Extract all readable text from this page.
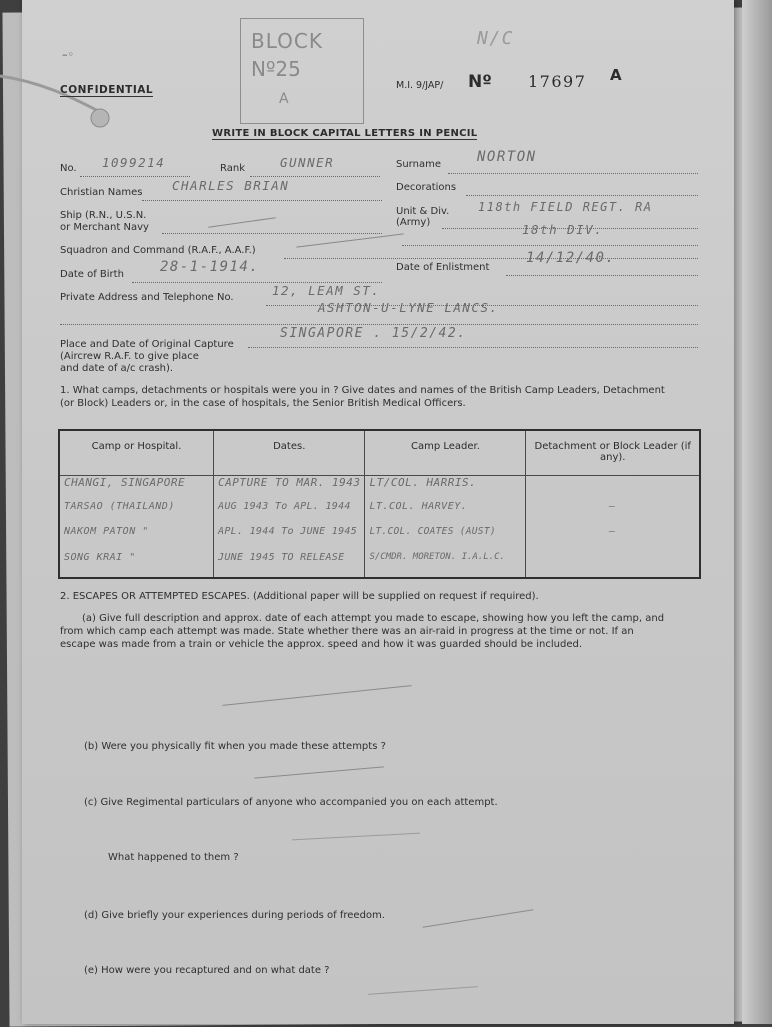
–◦
CONFIDENTIAL
BLOCK
Nº25
A
N/C
M.I. 9/JAP/ Nº 17697 A
WRITE IN BLOCK CAPITAL LETTERS IN PENCIL
No. 1099214	Rank	GUNNER	Surname	NORTON
Christian Names CHARLES BRIAN	Decorations
Ship (R.N., U.S.N.
or Merchant Navy
Unit & Div.
(Army)
118th FIELD REGT. RA
18th DIV.
Squadron and Command (R.A.F., A.A.F.)
Date of Birth	28-1-1914.	Date of Enlistment
14/12/40.
Private Address and Telephone No.	12, LEAM ST.
ASHTON-U-LYNE LANCS.
Place and Date of Original Capture
(Aircrew R.A.F. to give place
and date of a/c crash).
SINGAPORE . 15/2/42.
1. What camps, detachments or hospitals were you in ? Give dates and names of the British Camp Leaders, Detachment
(or Block) Leaders or, in the case of hospitals, the Senior British Medical Officers.
Camp or Hospital.	Dates.	Camp Leader.	Detachment or Block Leader (if any).
CHANGI, SINGAPORE	CAPTURE TO MAR. 1943	LT/COL. HARRIS.	
TARSAO (THAILAND)	AUG 1943 To APL. 1944	LT.COL. HARVEY.	—
NAKOM PATON "	APL. 1944 To JUNE 1945	LT.COL. COATES (AUST)	—
SONG KRAI "	JUNE 1945 TO RELEASE	S/CMDR. MORETON. I.A.L.C.	
2. ESCAPES OR ATTEMPTED ESCAPES. (Additional paper will be supplied on request if required).
(a) Give full description and approx. date of each attempt you made to escape, showing how you left the camp, and
from which camp each attempt was made. State whether there was an air-raid in progress at the time or not. If an
escape was made from a train or vehicle the approx. speed and how it was guarded should be included.
(b) Were you physically fit when you made these attempts ?
(c) Give Regimental particulars of anyone who accompanied you on each attempt.
What happened to them ?
(d) Give briefly your experiences during periods of freedom.
(e) How were you recaptured and on what date ?
